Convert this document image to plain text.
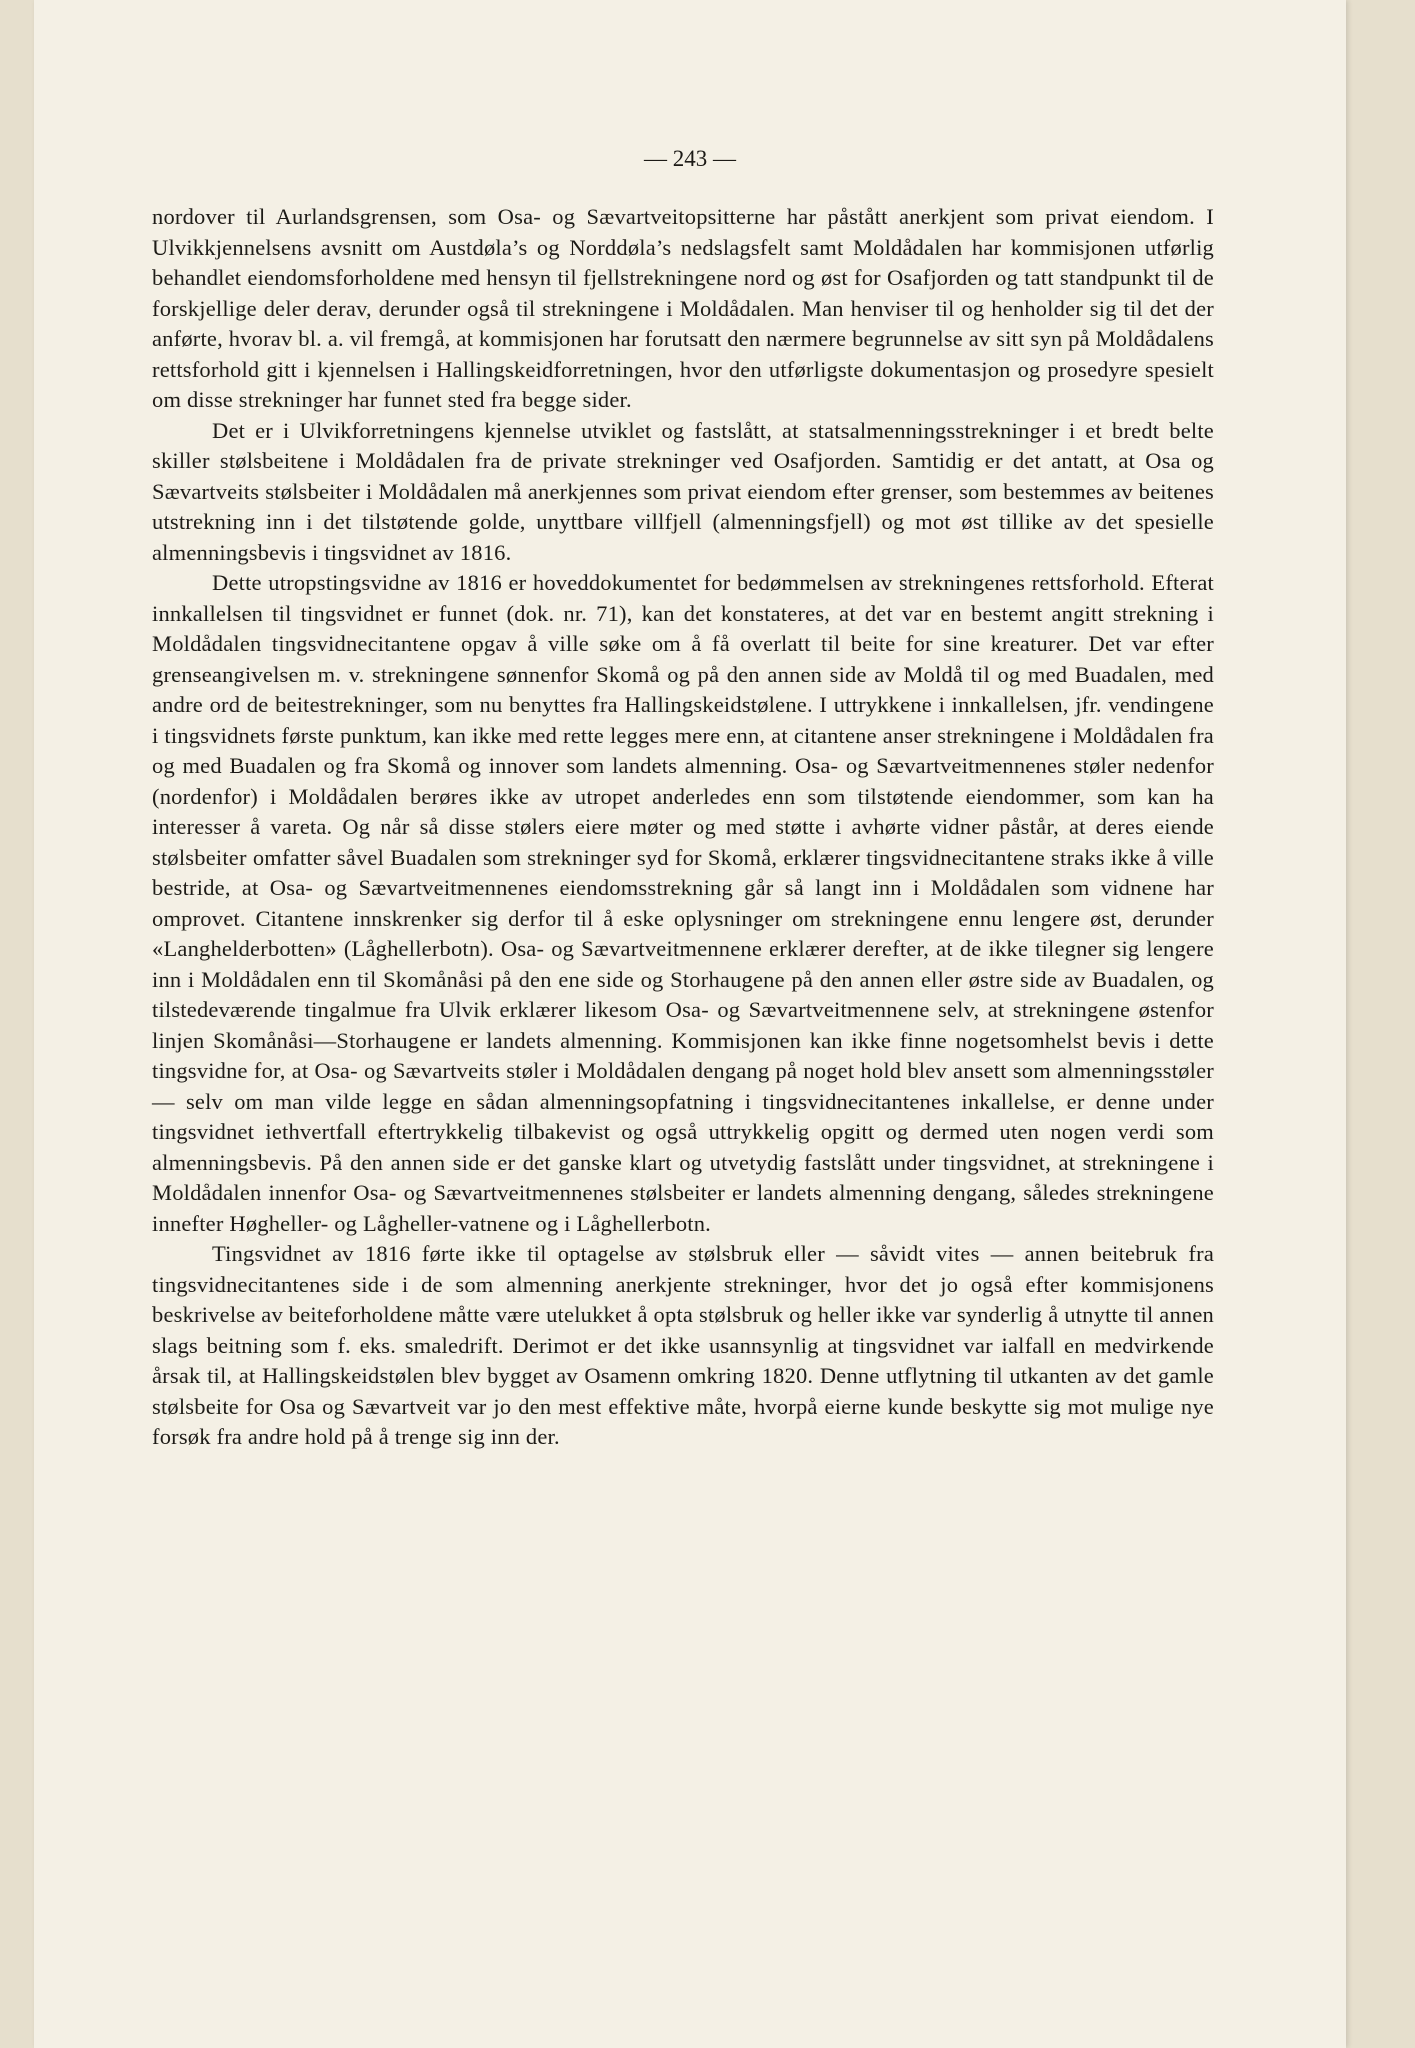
— 243 —

nordover til Aurlandsgrensen, som Osa- og Sævartveitopsitterne har påstått anerkjent som privat eiendom. I Ulvikkjennelsens avsnitt om Austdøla’s og Norddøla’s nedslagsfelt samt Moldådalen har kommisjonen utførlig behandlet eiendomsforholdene med hensyn til fjellstrekningene nord og øst for Osafjorden og tatt standpunkt til de forskjellige deler derav, derunder også til strekningene i Moldådalen. Man henviser til og henholder sig til det der anførte, hvorav bl. a. vil fremgå, at kommisjonen har forutsatt den nærmere begrunnelse av sitt syn på Moldådalens rettsforhold gitt i kjennelsen i Hallingskeidforretningen, hvor den utførligste dokumentasjon og prosedyre spesielt om disse strekninger har funnet sted fra begge sider.

Det er i Ulvikforretningens kjennelse utviklet og fastslått, at statsalmenningsstrekninger i et bredt belte skiller stølsbeitene i Moldådalen fra de private strekninger ved Osafjorden. Samtidig er det antatt, at Osa og Sævartveits stølsbeiter i Moldådalen må anerkjennes som privat eiendom efter grenser, som bestemmes av beitenes utstrekning inn i det tilstøtende golde, unyttbare villfjell (almenningsfjell) og mot øst tillike av det spesielle almenningsbevis i tingsvidnet av 1816.

Dette utropstingsvidne av 1816 er hoveddokumentet for bedømmelsen av strekningenes rettsforhold. Efterat innkallelsen til tingsvidnet er funnet (dok. nr. 71), kan det konstateres, at det var en bestemt angitt strekning i Moldådalen tingsvidnecitantene opgav å ville søke om å få overlatt til beite for sine kreaturer. Det var efter grenseangivelsen m. v. strekningene sønnenfor Skomå og på den annen side av Moldå til og med Buadalen, med andre ord de beitestrekninger, som nu benyttes fra Hallingskeidstølene. I uttrykkene i innkallelsen, jfr. vendingene i tingsvidnets første punktum, kan ikke med rette legges mere enn, at citantene anser strekningene i Moldådalen fra og med Buadalen og fra Skomå og innover som landets almenning. Osa- og Sævartveitmennenes støler nedenfor (nordenfor) i Moldådalen berøres ikke av utropet anderledes enn som tilstøtende eiendommer, som kan ha interesser å vareta. Og når så disse stølers eiere møter og med støtte i avhørte vidner påstår, at deres eiende stølsbeiter omfatter såvel Buadalen som strekninger syd for Skomå, erklærer tingsvidnecitantene straks ikke å ville bestride, at Osa- og Sævartveitmennenes eiendomsstrekning går så langt inn i Moldådalen som vidnene har omprovet. Citantene innskrenker sig derfor til å eske oplysninger om strekningene ennu lengere øst, derunder «Langhelderbotten» (Låghellerbotn). Osa- og Sævartveitmennene erklærer derefter, at de ikke tilegner sig lengere inn i Moldådalen enn til Skomånåsi på den ene side og Storhaugene på den annen eller østre side av Buadalen, og tilstedeværende tingalmue fra Ulvik erklærer likesom Osa- og Sævartveitmennene selv, at strekningene østenfor linjen Skomånåsi—Storhaugene er landets almenning. Kommisjonen kan ikke finne nogetsomhelst bevis i dette tingsvidne for, at Osa- og Sævartveits støler i Moldådalen dengang på noget hold blev ansett som almenningsstøler — selv om man vilde legge en sådan almenningsopfatning i tingsvidnecitantenes inkallelse, er denne under tingsvidnet iethvertfall eftertrykkelig tilbakevist og også uttrykkelig opgitt og dermed uten nogen verdi som almenningsbevis. På den annen side er det ganske klart og utvetydig fastslått under tingsvidnet, at strekningene i Moldådalen innenfor Osa- og Sævartveitmennenes stølsbeiter er landets almenning dengang, således strekningene innefter Høgheller- og Lågheller-vatnene og i Låghellerbotn.

Tingsvidnet av 1816 førte ikke til optagelse av stølsbruk eller — såvidt vites — annen beitebruk fra tingsvidnecitantenes side i de som almenning anerkjente strekninger, hvor det jo også efter kommisjonens beskrivelse av beiteforholdene måtte være utelukket å opta stølsbruk og heller ikke var synderlig å utnytte til annen slags beitning som f. eks. smaledrift. Derimot er det ikke usannsynlig at tingsvidnet var ialfall en medvirkende årsak til, at Hallingskeidstølen blev bygget av Osamenn omkring 1820. Denne utflytning til utkanten av det gamle stølsbeite for Osa og Sævartveit var jo den mest effektive måte, hvorpå eierne kunde beskytte sig mot mulige nye forsøk fra andre hold på å trenge sig inn der.
